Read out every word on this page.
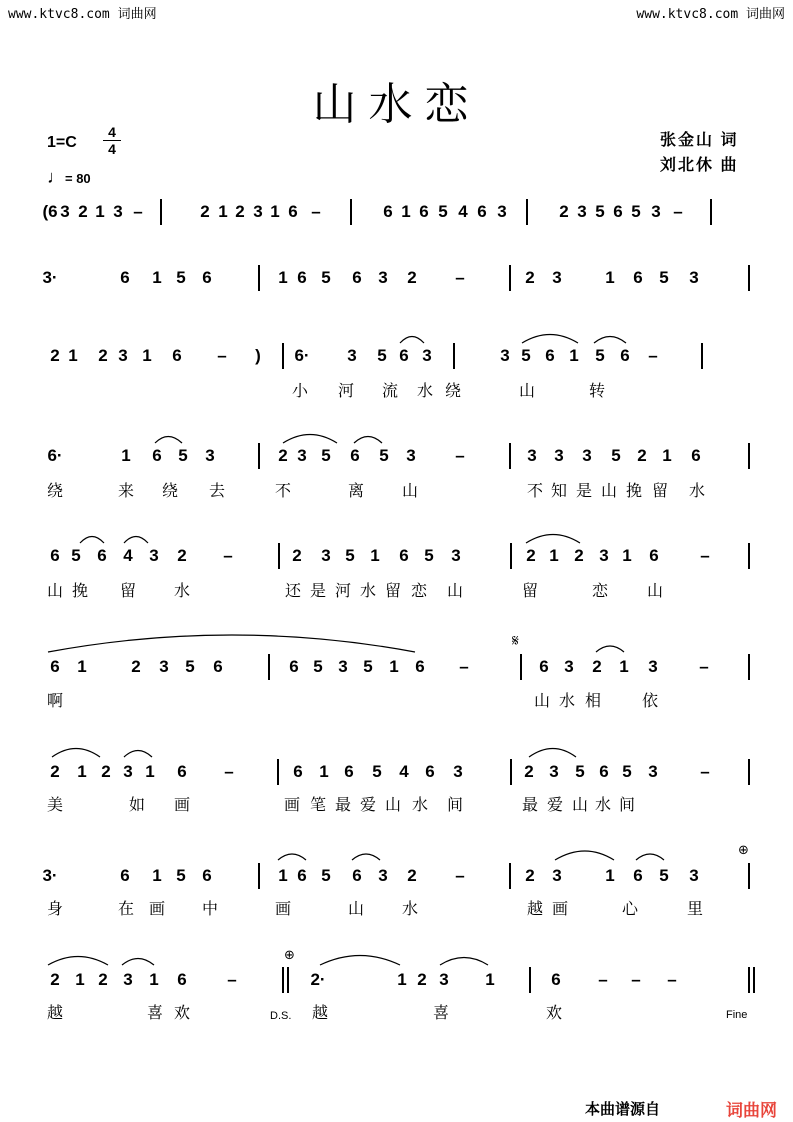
www.ktvc8.com 词曲网	www.ktvc8.com 词曲网
山水恋
1=C
4
4
♩= 80
张金山 词
刘北休 曲
(6 3 2 1 3 –	2 1 2 3 1 6 –	6 1 6 5 4 6 3	2 3 5 6 5 3 –
3·	6 1 5 6	1 6 5 6 3 2 –	2 3	1 6 5 3
2 1 2 3 1 6 – ) 6· 3 5 6 3	3 5 6 1 5 6 –
小 河 流 水 绕	山	转
6·	1 6 5 3	2 3 5 6 5 3 –	3 3 3 5 2 1 6
绕	来 绕 去	不	离 山	不 知 是 山 挽 留 水
6 5 6 4 3 2 –	2 3 5 1 6 5 3	2 1 2 3 1 6 –
山 挽 留 水	还 是 河 水 留 恋 山	留	恋 山
6 1	2 3 5 6	6 5 3 5 1 6 –	6 3 2 1 3 –
啊	山 水 相	依
2 1 2 3 1 6 –	6 1 6 5 4 6 3	2 3 5 6 5 3	–
美	如 画	画 笔 最 爱 山 水 间	最 爱 山 水 间
3·	6 1 5 6	1 6 5 6 3 2 –	2 3	1 6 5 3
身	在 画 中	画	山 水	越 画	心	里
2 1 2 3 1 6 –	2·	1 2 3 1	6 – – –
越	喜 欢	越	喜	欢
𝄋
⊕
⊕
D.S.	Fine
本曲谱源自	词曲网
